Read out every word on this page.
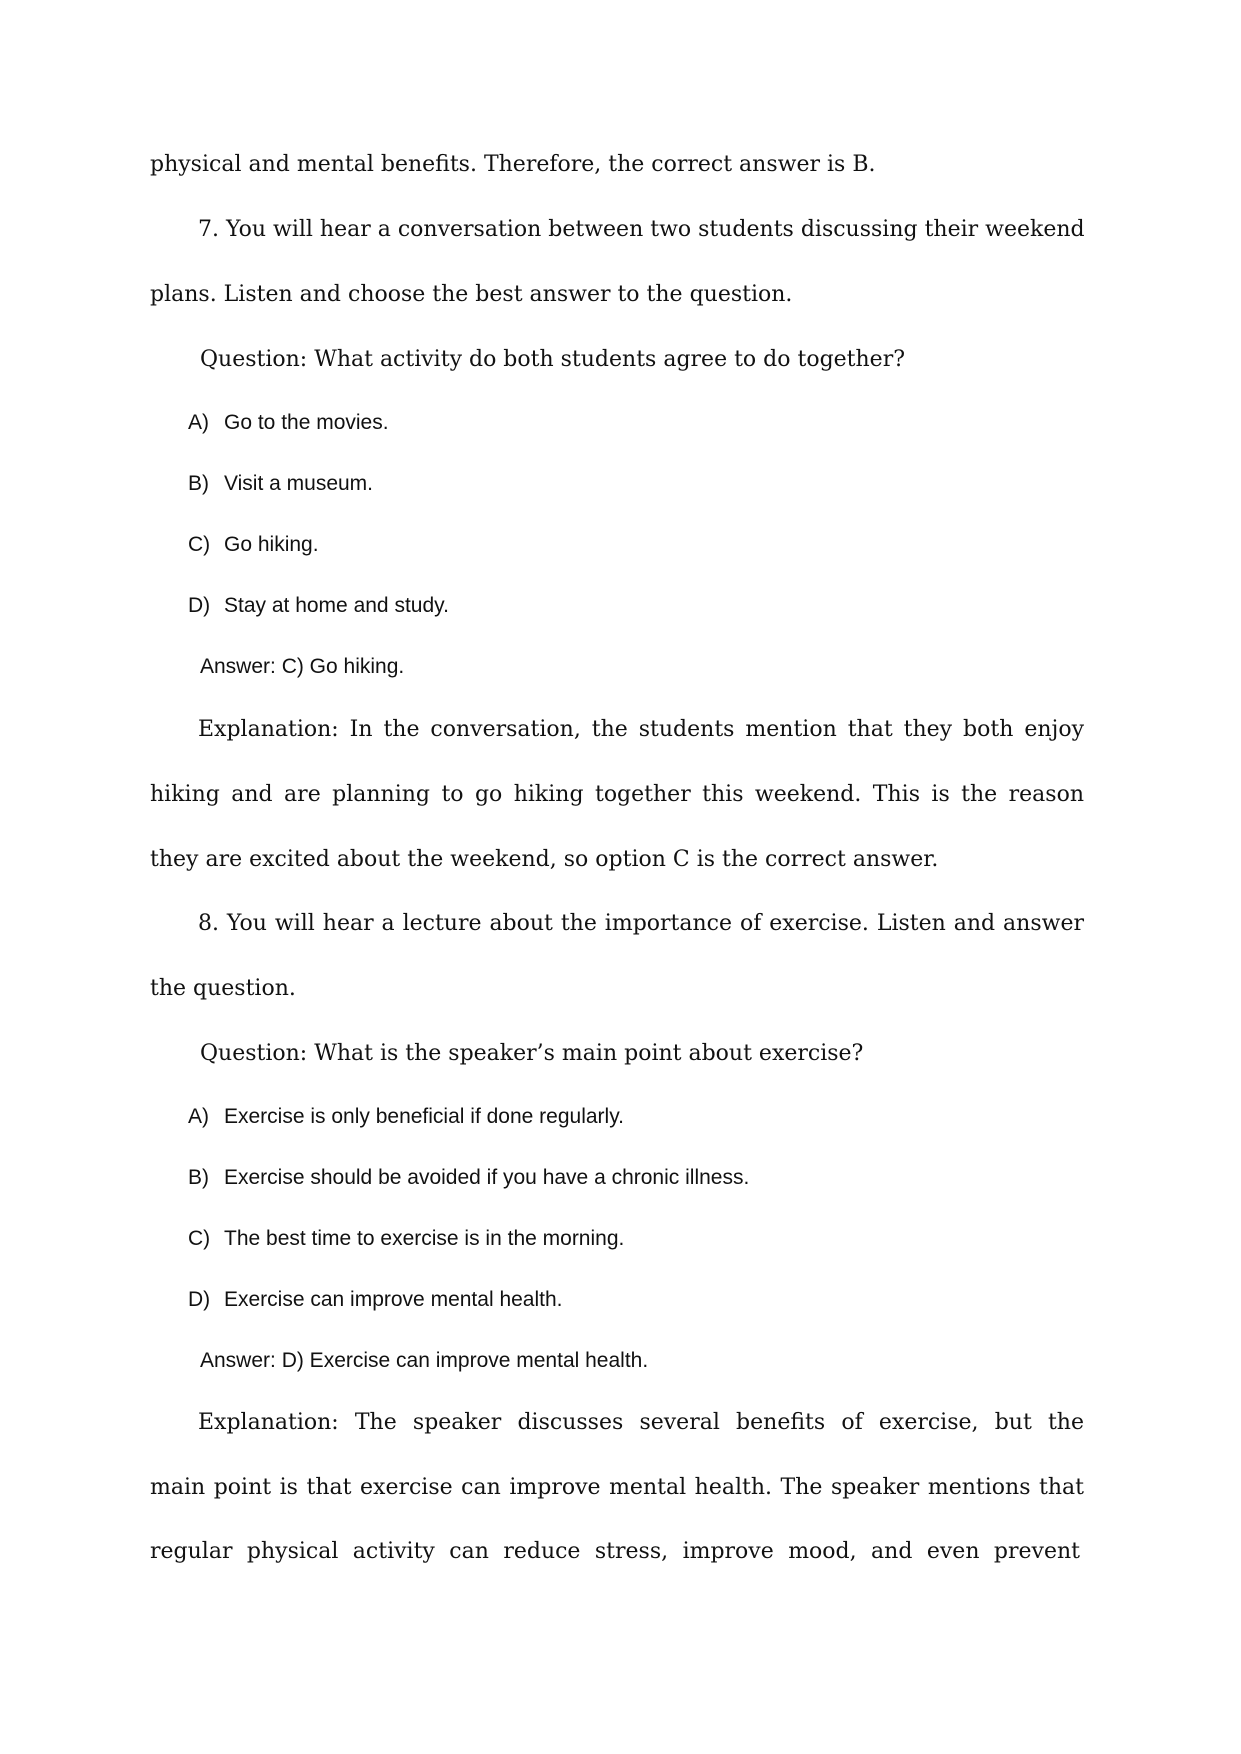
physical and mental benefits. Therefore, the correct answer is B.
7. You will hear a conversation between two students discussing their weekend
plans. Listen and choose the best answer to the question.
Question: What activity do both students agree to do together?
A) Go to the movies.
B) Visit a museum.
C) Go hiking.
D) Stay at home and study.
Answer: C) Go hiking.
Explanation: In the conversation, the students mention that they both enjoy
hiking and are planning to go hiking together this weekend. This is the reason
they are excited about the weekend, so option C is the correct answer.
8. You will hear a lecture about the importance of exercise. Listen and answer
the question.
Question: What is the speaker’s main point about exercise?
A) Exercise is only beneficial if done regularly.
B) Exercise should be avoided if you have a chronic illness.
C) The best time to exercise is in the morning.
D) Exercise can improve mental health.
Answer: D) Exercise can improve mental health.
Explanation: The speaker discusses several benefits of exercise, but the
main point is that exercise can improve mental health. The speaker mentions that
regular physical activity can reduce stress, improve mood, and even prevent
